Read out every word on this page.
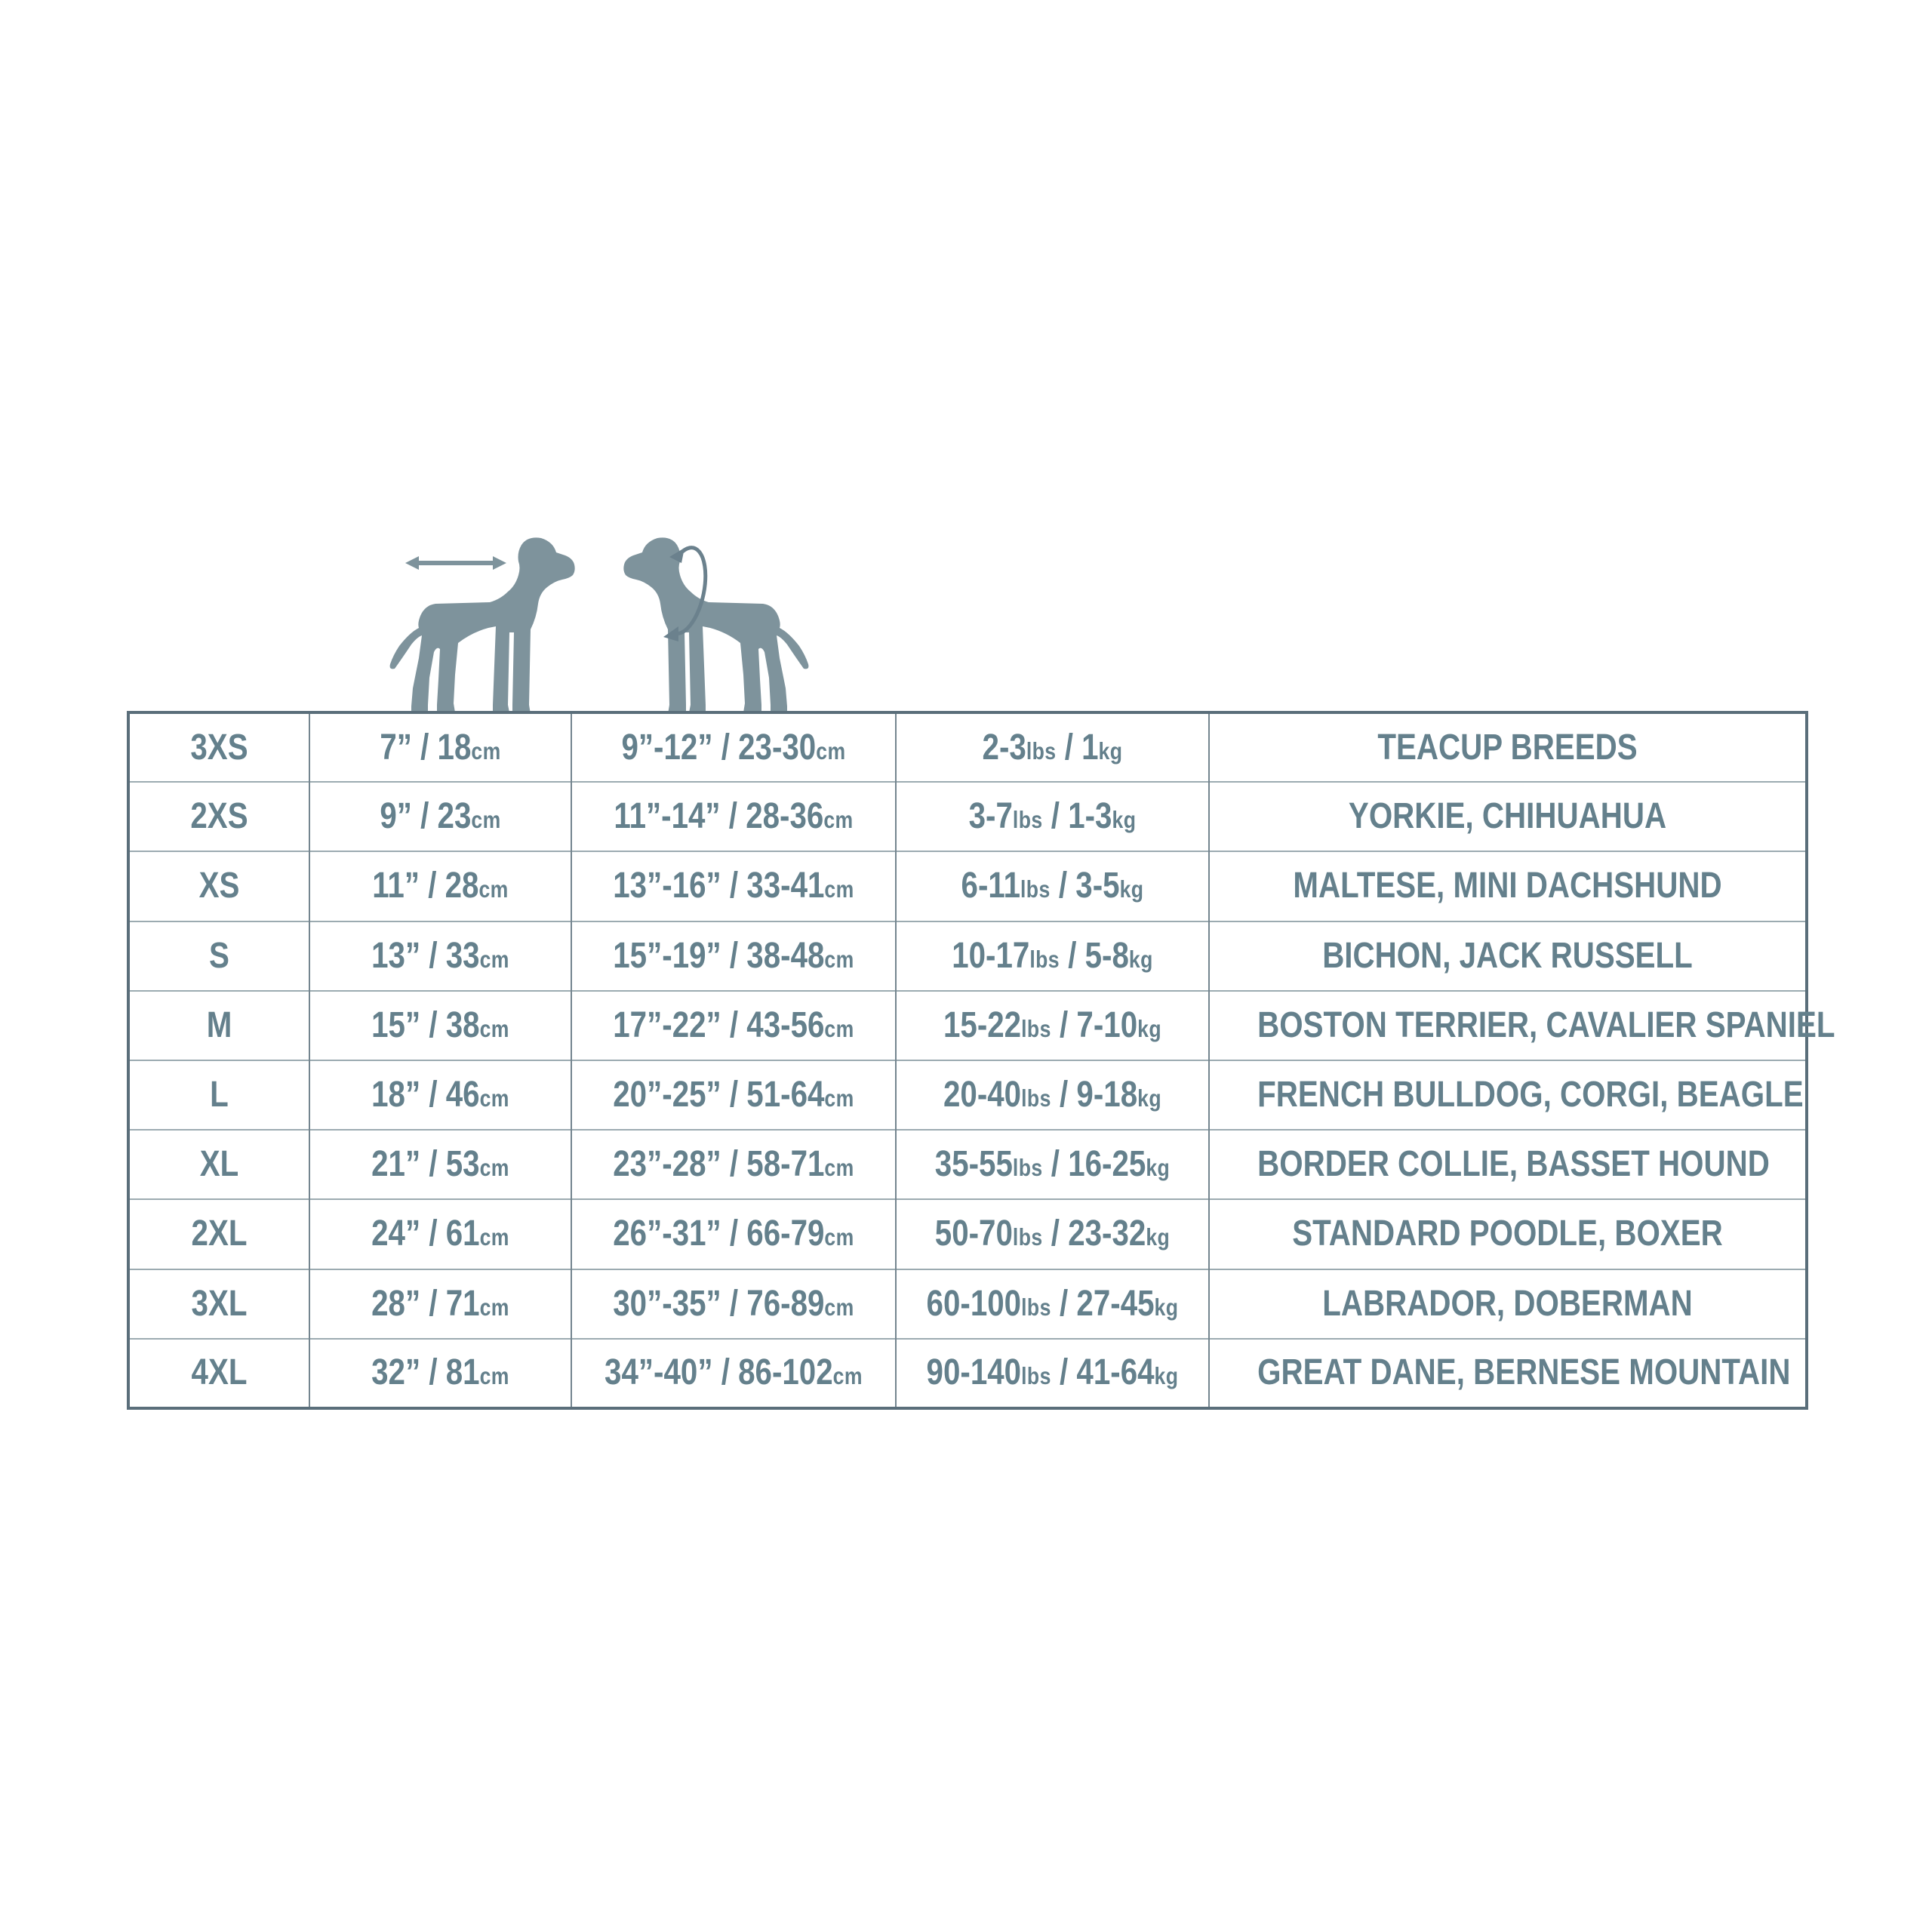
3XS	7” / 18cm	9”-12” / 23-30cm	2-3lbs / 1kg	TEACUP BREEDS

2XS	9” / 23cm	11”-14” / 28-36cm	3-7lbs / 1-3kg	YORKIE, CHIHUAHUA

XS	11” / 28cm	13”-16” / 33-41cm	6-11lbs / 3-5kg	MALTESE, MINI DACHSHUND

S	13” / 33cm	15”-19” / 38-48cm	10-17lbs / 5-8kg	BICHON, JACK RUSSELL

M	15” / 38cm	17”-22” / 43-56cm	15-22lbs / 7-10kg	BOSTON TERRIER, CAVALIER SPANIEL

L	18” / 46cm	20”-25” / 51-64cm	20-40lbs / 9-18kg	FRENCH BULLDOG, CORGI, BEAGLE

XL	21” / 53cm	23”-28” / 58-71cm	35-55lbs / 16-25kg	BORDER COLLIE, BASSET HOUND

2XL	24” / 61cm	26”-31” / 66-79cm	50-70lbs / 23-32kg	STANDARD POODLE, BOXER

3XL	28” / 71cm	30”-35” / 76-89cm	60-100lbs / 27-45kg	LABRADOR, DOBERMAN

4XL	32” / 81cm	34”-40” / 86-102cm	90-140lbs / 41-64kg	GREAT DANE, BERNESE MOUNTAIN
